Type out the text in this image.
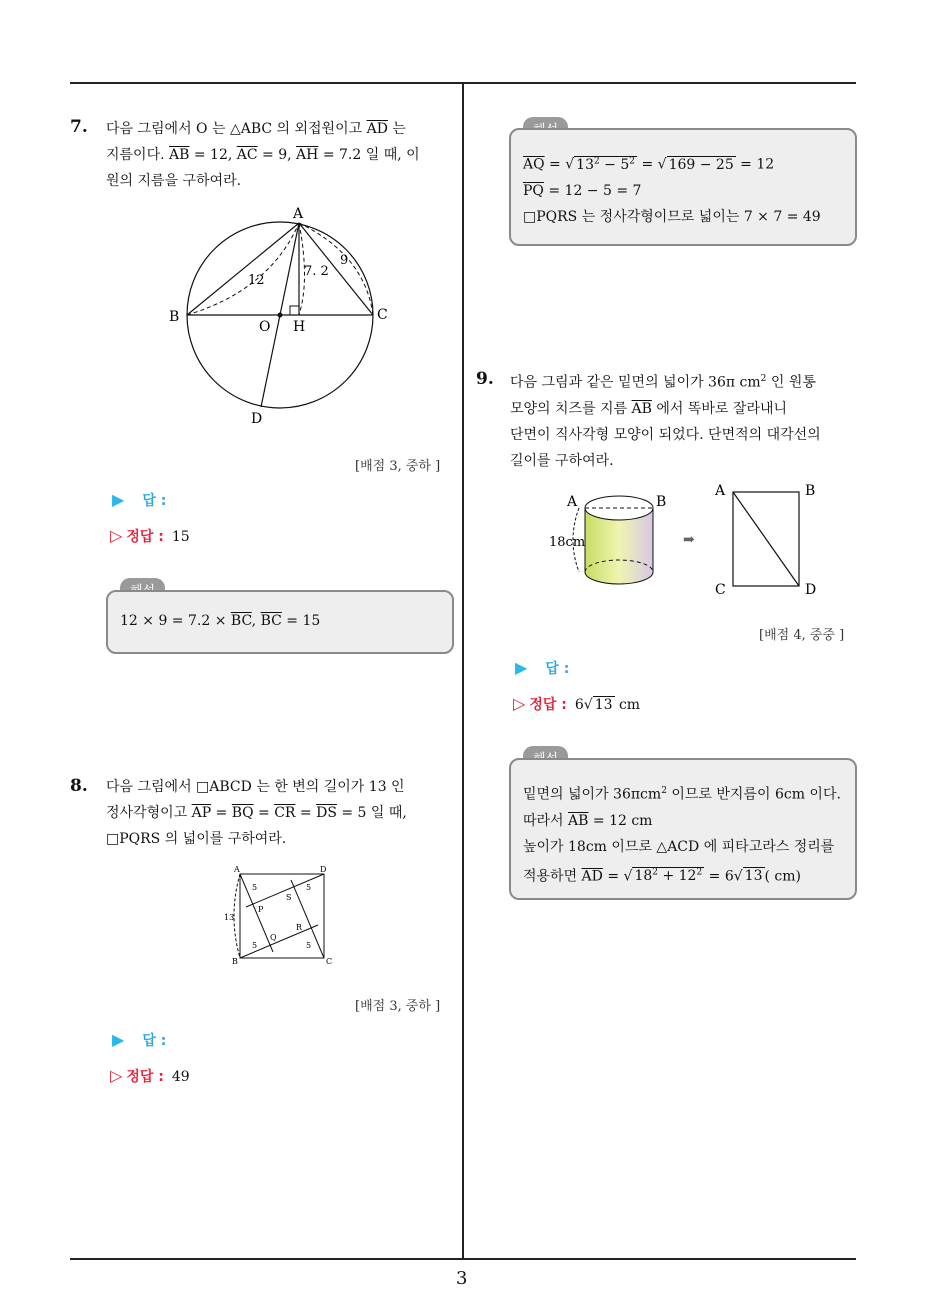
3
7. 다음 그림에서 O 는 △ABC 의 외접원이고 $\overline{AD}$ 는
지름이다. $\overline{AB} = 12$, $\overline{AC} = 9$, $\overline{AH} = 7.2$ 일 때, 이
원의 지름을 구하여라.
A
B	C
O H
D
12
7. 2
9
[배점 3, 중하 ]
▶ 답 :
▷ 정답 : 15
$12 \times 9 = 7.2 \times \overline{BC}$, $\overline{BC} = 15$
8. 다음 그림에서 □ABCD 는 한 변의 길이가 13 인
정사각형이고 $\overline{AP} = \overline{BQ} = \overline{CR} = \overline{DS} = 5$ 일 때,
□PQRS 의 넓이를 구하여라.
A	D
B	C
P
Q
R
S
5
5	5
5
13
[배점 3, 중하 ]
▶ 답 :
▷ 정답 : 49
$\overline{AQ}$ = √ $13^2 - 5^2$ = √ 169 − 25 = 12
$\overline{PQ} = 12 - 5 = 7$
□PQRS 는 정사각형이므로 넓이는 7 × 7 = 49
9. 다음 그림과 같은 밑면의 넓이가 36π $cm^2$ 인 원통
모양의 치즈를 지름 $\overline{AB}$ 에서 똑바로 잘라내니
단면이 직사각형 모양이 되었다. 단면적의 대각선의
길이를 구하여라.
A	B
18cm	➡
A	B
C	D
[배점 4, 중중 ]
▶ 답 :
▷ 정답 : 6√ 13 cm
밑면의 넓이가 36πcm$^2$ 이므로 반지름이 6cm 이다.
따라서 $\overline{AB} = 12$ cm
높이가 18cm 이므로 △ACD 에 피타고라스 정리를
적용하면 $\overline{AD}$ = √ $18^2 + 12^2 = 6√$ 13 ( cm)
